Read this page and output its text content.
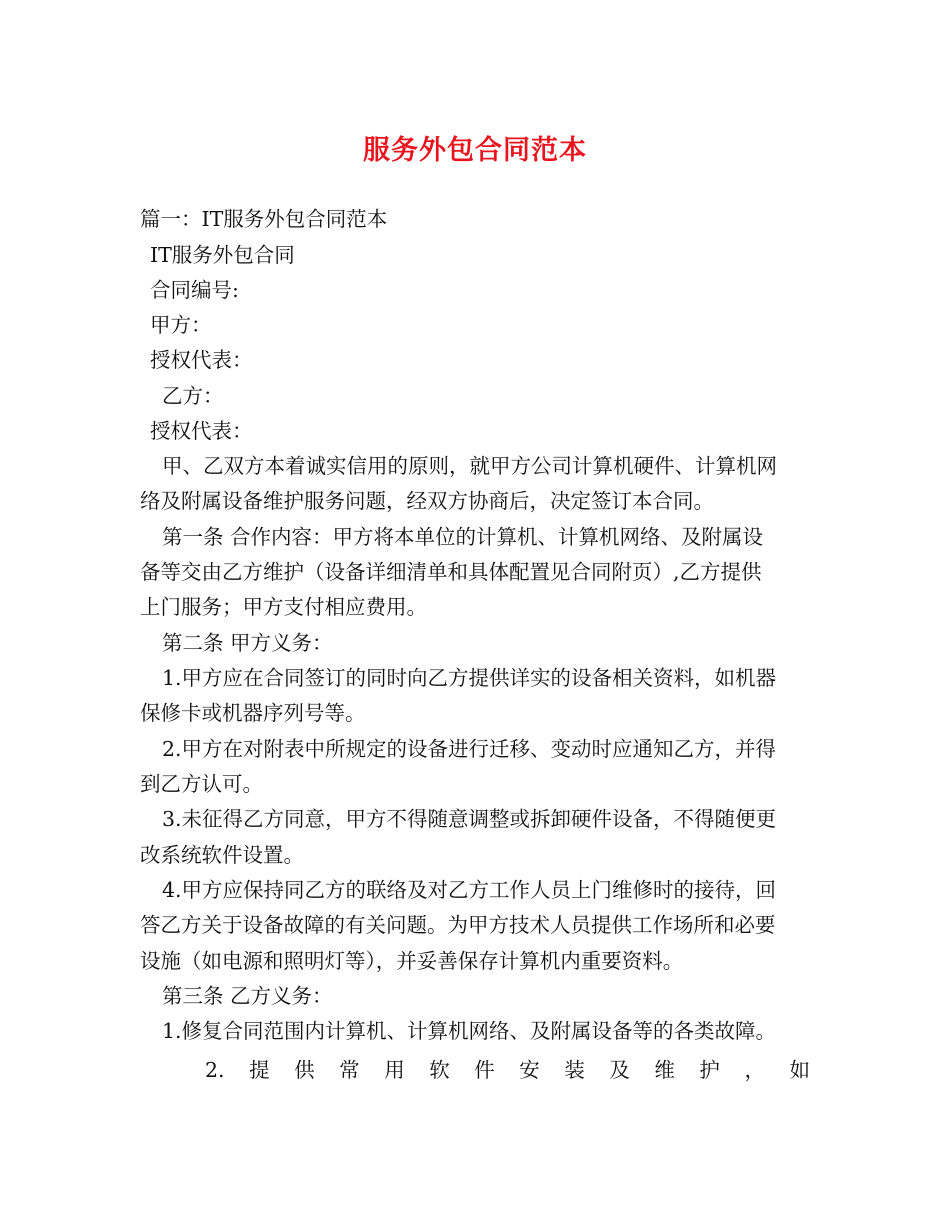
服务外包合同范本
篇一：IT服务外包合同范本
IT服务外包合同
合同编号:
甲方：
授权代表：
乙方：
授权代表：
甲、乙双方本着诚实信用的原则，就甲方公司计算机硬件、计算机网
络及附属设备维护服务问题，经双方协商后，决定签订本合同。
第一条 合作内容：甲方将本单位的计算机、计算机网络、及附属设
备等交由乙方维护（设备详细清单和具体配置见合同附页）,乙方提供
上门服务；甲方支付相应费用。
第二条 甲方义务：
1.甲方应在合同签订的同时向乙方提供详实的设备相关资料，如机器
保修卡或机器序列号等。
2.甲方在对附表中所规定的设备进行迁移、变动时应通知乙方，并得
到乙方认可。
3.未征得乙方同意，甲方不得随意调整或拆卸硬件设备，不得随便更
改系统软件设置。
4.甲方应保持同乙方的联络及对乙方工作人员上门维修时的接待，回
答乙方关于设备故障的有关问题。为甲方技术人员提供工作场所和必要
设施（如电源和照明灯等），并妥善保存计算机内重要资料。
第三条 乙方义务：
1.修复合同范围内计算机、计算机网络、及附属设备等的各类故障。
2. 提 供 常 用 软 件 安 装 及 维 护 ， 如
